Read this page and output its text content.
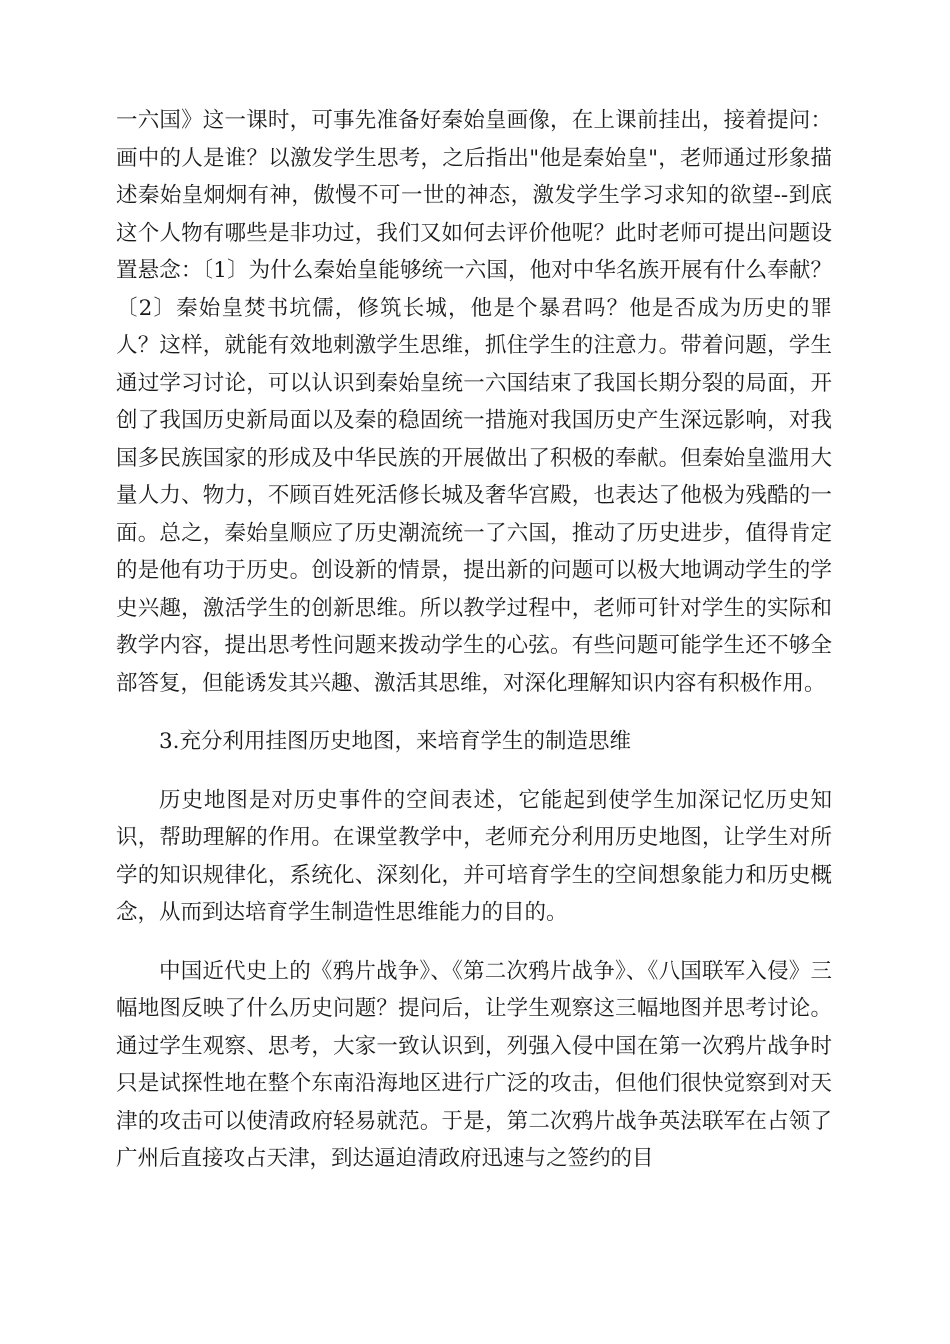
一六国》这一课时，可事先准备好秦始皇画像，在上课前挂出，接着提问：画中的人是谁？以激发学生思考，之后指出"他是秦始皇"，老师通过形象描述秦始皇炯炯有神，傲慢不可一世的神态，激发学生学习求知的欲望--到底这个人物有哪些是非功过，我们又如何去评价他呢？此时老师可提出问题设置悬念：〔1〕为什么秦始皇能够统一六国，他对中华名族开展有什么奉献？〔2〕秦始皇焚书坑儒，修筑长城，他是个暴君吗？他是否成为历史的罪人？这样，就能有效地刺激学生思维，抓住学生的注意力。带着问题，学生通过学习讨论，可以认识到秦始皇统一六国结束了我国长期分裂的局面，开创了我国历史新局面以及秦的稳固统一措施对我国历史产生深远影响，对我国多民族国家的形成及中华民族的开展做出了积极的奉献。但秦始皇滥用大量人力、物力，不顾百姓死活修长城及奢华宫殿，也表达了他极为残酷的一面。总之，秦始皇顺应了历史潮流统一了六国，推动了历史进步，值得肯定的是他有功于历史。创设新的情景，提出新的问题可以极大地调动学生的学史兴趣，激活学生的创新思维。所以教学过程中，老师可针对学生的实际和教学内容，提出思考性问题来拨动学生的心弦。有些问题可能学生还不够全部答复，但能诱发其兴趣、激活其思维，对深化理解知识内容有积极作用。

3.充分利用挂图历史地图，来培育学生的制造思维

历史地图是对历史事件的空间表述，它能起到使学生加深记忆历史知识，帮助理解的作用。在课堂教学中，老师充分利用历史地图，让学生对所学的知识规律化，系统化、深刻化，并可培育学生的空间想象能力和历史概念，从而到达培育学生制造性思维能力的目的。

中国近代史上的《鸦片战争》、《第二次鸦片战争》、《八国联军入侵》三幅地图反映了什么历史问题？提问后，让学生观察这三幅地图并思考讨论。通过学生观察、思考，大家一致认识到，列强入侵中国在第一次鸦片战争时只是试探性地在整个东南沿海地区进行广泛的攻击，但他们很快觉察到对天津的攻击可以使清政府轻易就范。于是，第二次鸦片战争英法联军在占领了广州后直接攻占天津，到达逼迫清政府迅速与之签约的目
